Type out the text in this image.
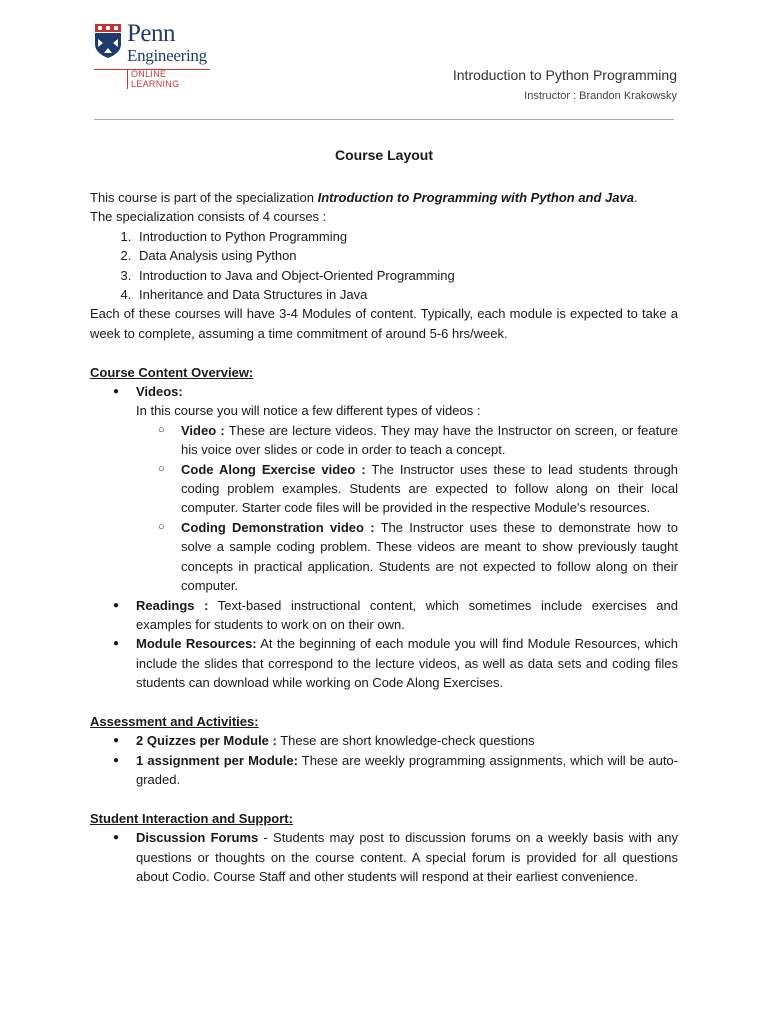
Penn
Engineering
ONLINE LEARNING
Introduction to Python Programming
Instructor : Brandon Krakowsky
Course Layout

This course is part of the specialization Introduction to Programming with Python and Java.

The specialization consists of 4 courses :

1. Introduction to Python Programming
2. Data Analysis using Python
3. Introduction to Java and Object-Oriented Programming
4. Inheritance and Data Structures in Java

Each of these courses will have 3-4 Modules of content. Typically, each module is expected to take a week to complete, assuming a time commitment of around 5-6 hrs/week.

Course Content Overview:

● Videos:
In this course you will notice a few different types of videos :
○ Video : These are lecture videos. They may have the Instructor on screen, or feature his voice over slides or code in order to teach a concept.
○ Code Along Exercise video : The Instructor uses these to lead students through coding problem examples. Students are expected to follow along on their local computer. Starter code files will be provided in the respective Module's resources.
○ Coding Demonstration video : The Instructor uses these to demonstrate how to solve a sample coding problem. These videos are meant to show previously taught concepts in practical application. Students are not expected to follow along on their computer.
● Readings : Text-based instructional content, which sometimes include exercises and examples for students to work on on their own.
● Module Resources: At the beginning of each module you will find Module Resources, which include the slides that correspond to the lecture videos, as well as data sets and coding files students can download while working on Code Along Exercises.

Assessment and Activities:

● 2 Quizzes per Module : These are short knowledge-check questions
● 1 assignment per Module: These are weekly programming assignments, which will be auto-graded.

Student Interaction and Support:

● Discussion Forums - Students may post to discussion forums on a weekly basis with any questions or thoughts on the course content. A special forum is provided for all questions about Codio. Course Staff and other students will respond at their earliest convenience.
